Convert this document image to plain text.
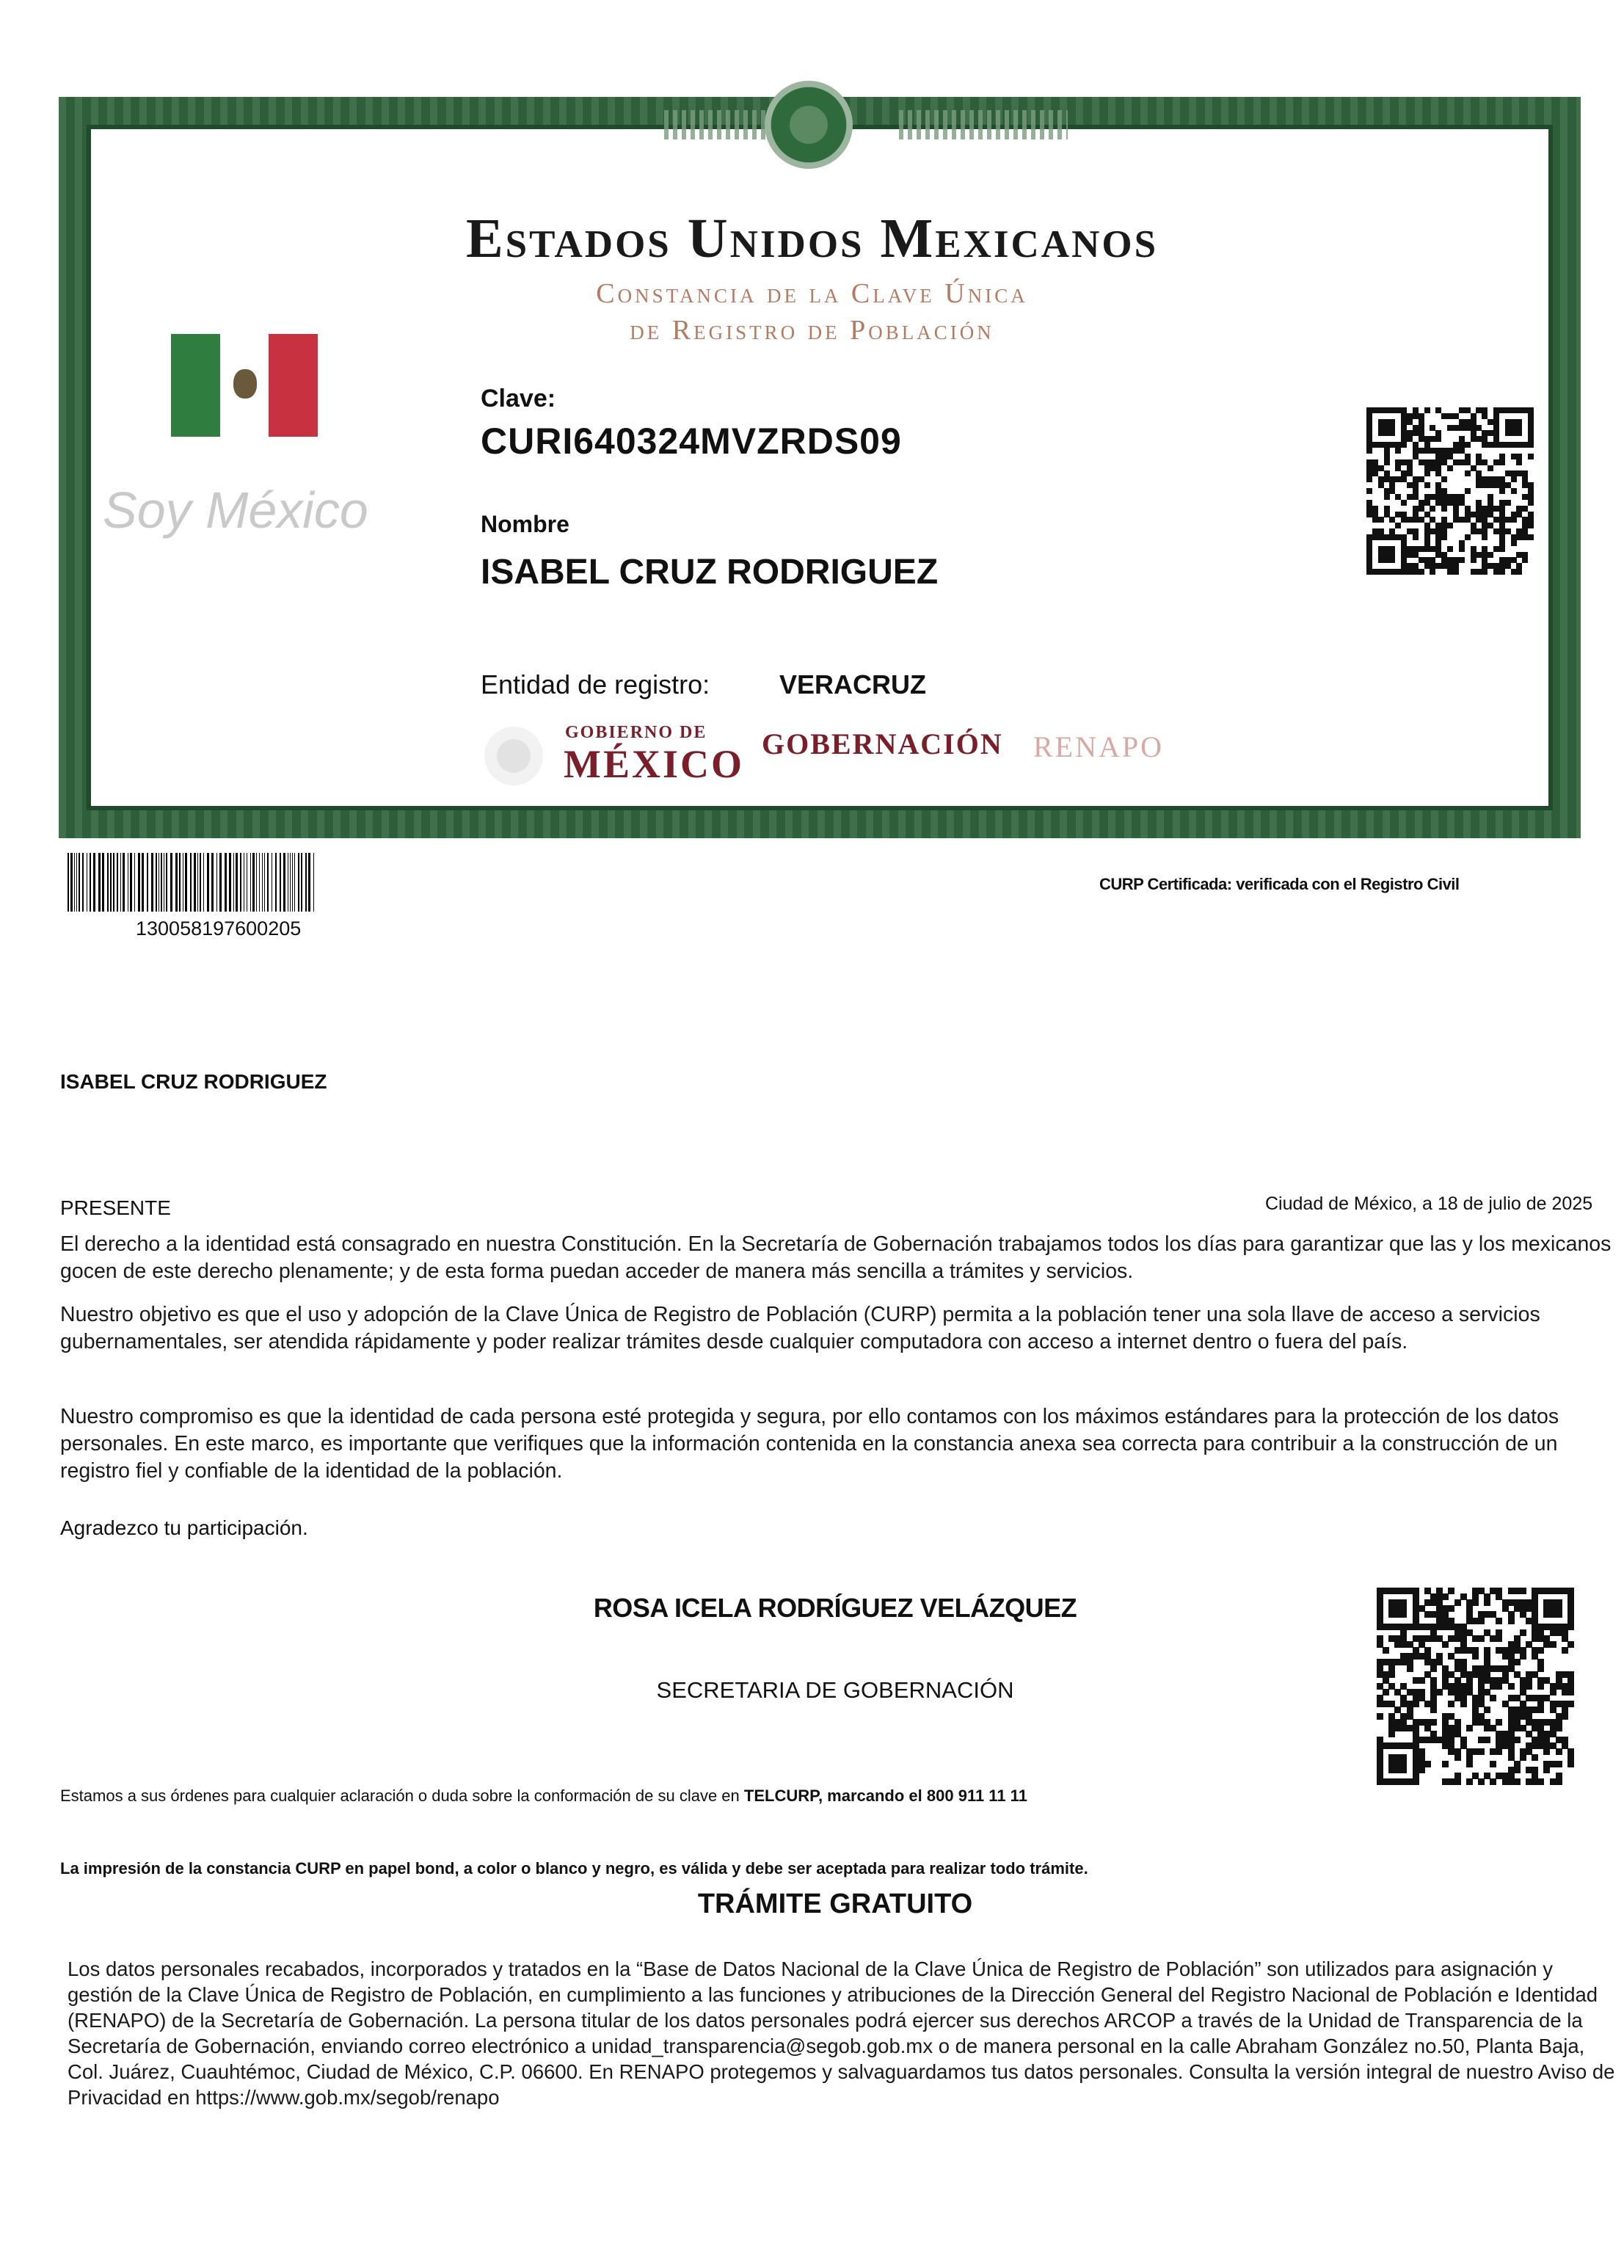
Estados Unidos Mexicanos
Constancia de la Clave Única
de Registro de Población
Soy México
Clave:
CURI640324MVZRDS09
Nombre
ISABEL CRUZ RODRIGUEZ
Entidad de registro:	VERACRUZ
GOBIERNO DE
MÉXICO GOBERNACIÓN RENAPO
130058197600205
CURP Certificada: verificada con el Registro Civil
ISABEL CRUZ RODRIGUEZ
PRESENTE	Ciudad de México, a 18 de julio de 2025
El derecho a la identidad está consagrado en nuestra Constitución. En la Secretaría de Gobernación trabajamos todos los días para garantizar que las y los mexicanos gocen de este derecho plenamente; y de esta forma puedan acceder de manera más sencilla a trámites y servicios.
Nuestro objetivo es que el uso y adopción de la Clave Única de Registro de Población (CURP) permita a la población tener una sola llave de acceso a servicios gubernamentales, ser atendida rápidamente y poder realizar trámites desde cualquier computadora con acceso a internet dentro o fuera del país.
Nuestro compromiso es que la identidad de cada persona esté protegida y segura, por ello contamos con los máximos estándares para la protección de los datos personales. En este marco, es importante que verifiques que la información contenida en la constancia anexa sea correcta para contribuir a la construcción de un registro fiel y confiable de la identidad de la población.
Agradezco tu participación.
ROSA ICELA RODRÍGUEZ VELÁZQUEZ
SECRETARIA DE GOBERNACIÓN
Estamos a sus órdenes para cualquier aclaración o duda sobre la conformación de su clave en TELCURP, marcando el 800 911 11 11
La impresión de la constancia CURP en papel bond, a color o blanco y negro, es válida y debe ser aceptada para realizar todo trámite.
TRÁMITE GRATUITO
Los datos personales recabados, incorporados y tratados en la “Base de Datos Nacional de la Clave Única de Registro de Población” son utilizados para asignación y gestión de la Clave Única de Registro de Población, en cumplimiento a las funciones y atribuciones de la Dirección General del Registro Nacional de Población e Identidad (RENAPO) de la Secretaría de Gobernación. La persona titular de los datos personales podrá ejercer sus derechos ARCOP a través de la Unidad de Transparencia de la Secretaría de Gobernación, enviando correo electrónico a unidad_transparencia@segob.gob.mx o de manera personal en la calle Abraham González no.50, Planta Baja, Col. Juárez, Cuauhtémoc, Ciudad de México, C.P. 06600. En RENAPO protegemos y salvaguardamos tus datos personales. Consulta la versión integral de nuestro Aviso de Privacidad en https://www.gob.mx/segob/renapo
